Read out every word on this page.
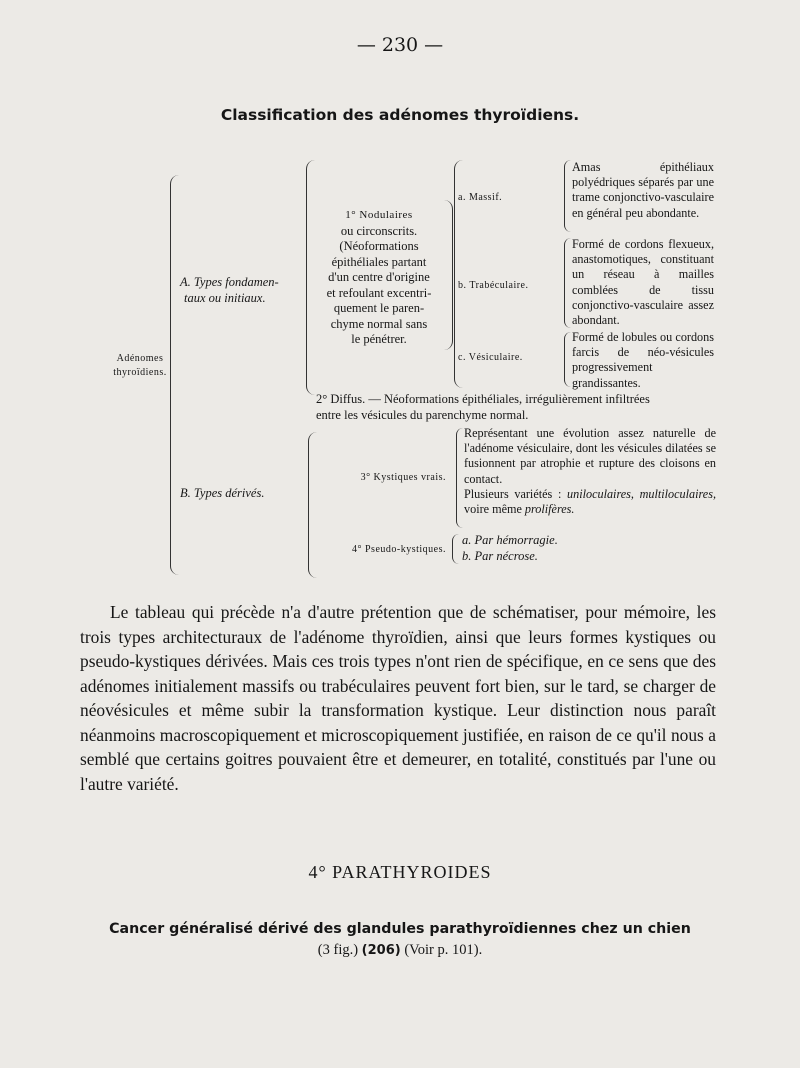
— 230 —
Classification des adénomes thyroïdiens.
Adénomes
thyroïdiens.
A. Types fondamen-
taux ou initiaux.
1° Nodulaires
ou circonscrits.
(Néoformations
épithéliales partant
d'un centre d'origine
et refoulant excentri-
quement le paren-
chyme normal sans
le pénétrer.
a. Massif.
b. Trabéculaire.
c. Vésiculaire.
Amas épithéliaux polyédriques séparés par une trame conjonctivo-vasculaire en général peu abondante.
Formé de cordons flexueux, anastomotiques, constituant un réseau à mailles comblées de tissu conjonctivo-vasculaire assez abondant.
Formé de lobules ou cordons farcis de néo-vésicules progressivement grandissantes.
2° Diffus. — Néoformations épithéliales, irrégulièrement infiltrées
entre les vésicules du parenchyme normal.
B. Types dérivés.
3° Kystiques vrais.
Représentant une évolution assez naturelle de l'adénome vésiculaire, dont les vésicules dilatées se fusionnent par atrophie et rupture des cloisons en contact.
Plusieurs variétés : uniloculaires, multiloculaires, voire même prolifères.
4° Pseudo-kystiques.
a. Par hémorragie.
b. Par nécrose.
Le tableau qui précède n'a d'autre prétention que de schématiser, pour mémoire, les trois types architecturaux de l'adénome thyroïdien, ainsi que leurs formes kystiques ou pseudo-kystiques dérivées. Mais ces trois types n'ont rien de spécifique, en ce sens que des adénomes initialement massifs ou trabéculaires peuvent fort bien, sur le tard, se charger de néovésicules et même subir la transformation kystique. Leur distinction nous paraît néanmoins macroscopiquement et microscopiquement justifiée, en raison de ce qu'il nous a semblé que certains goitres pouvaient être et demeurer, en totalité, constitués par l'une ou l'autre variété.
4° PARATHYROIDES
Cancer généralisé dérivé des glandules parathyroïdiennes chez un chien
(3 fig.) (206) (Voir p. 101).
